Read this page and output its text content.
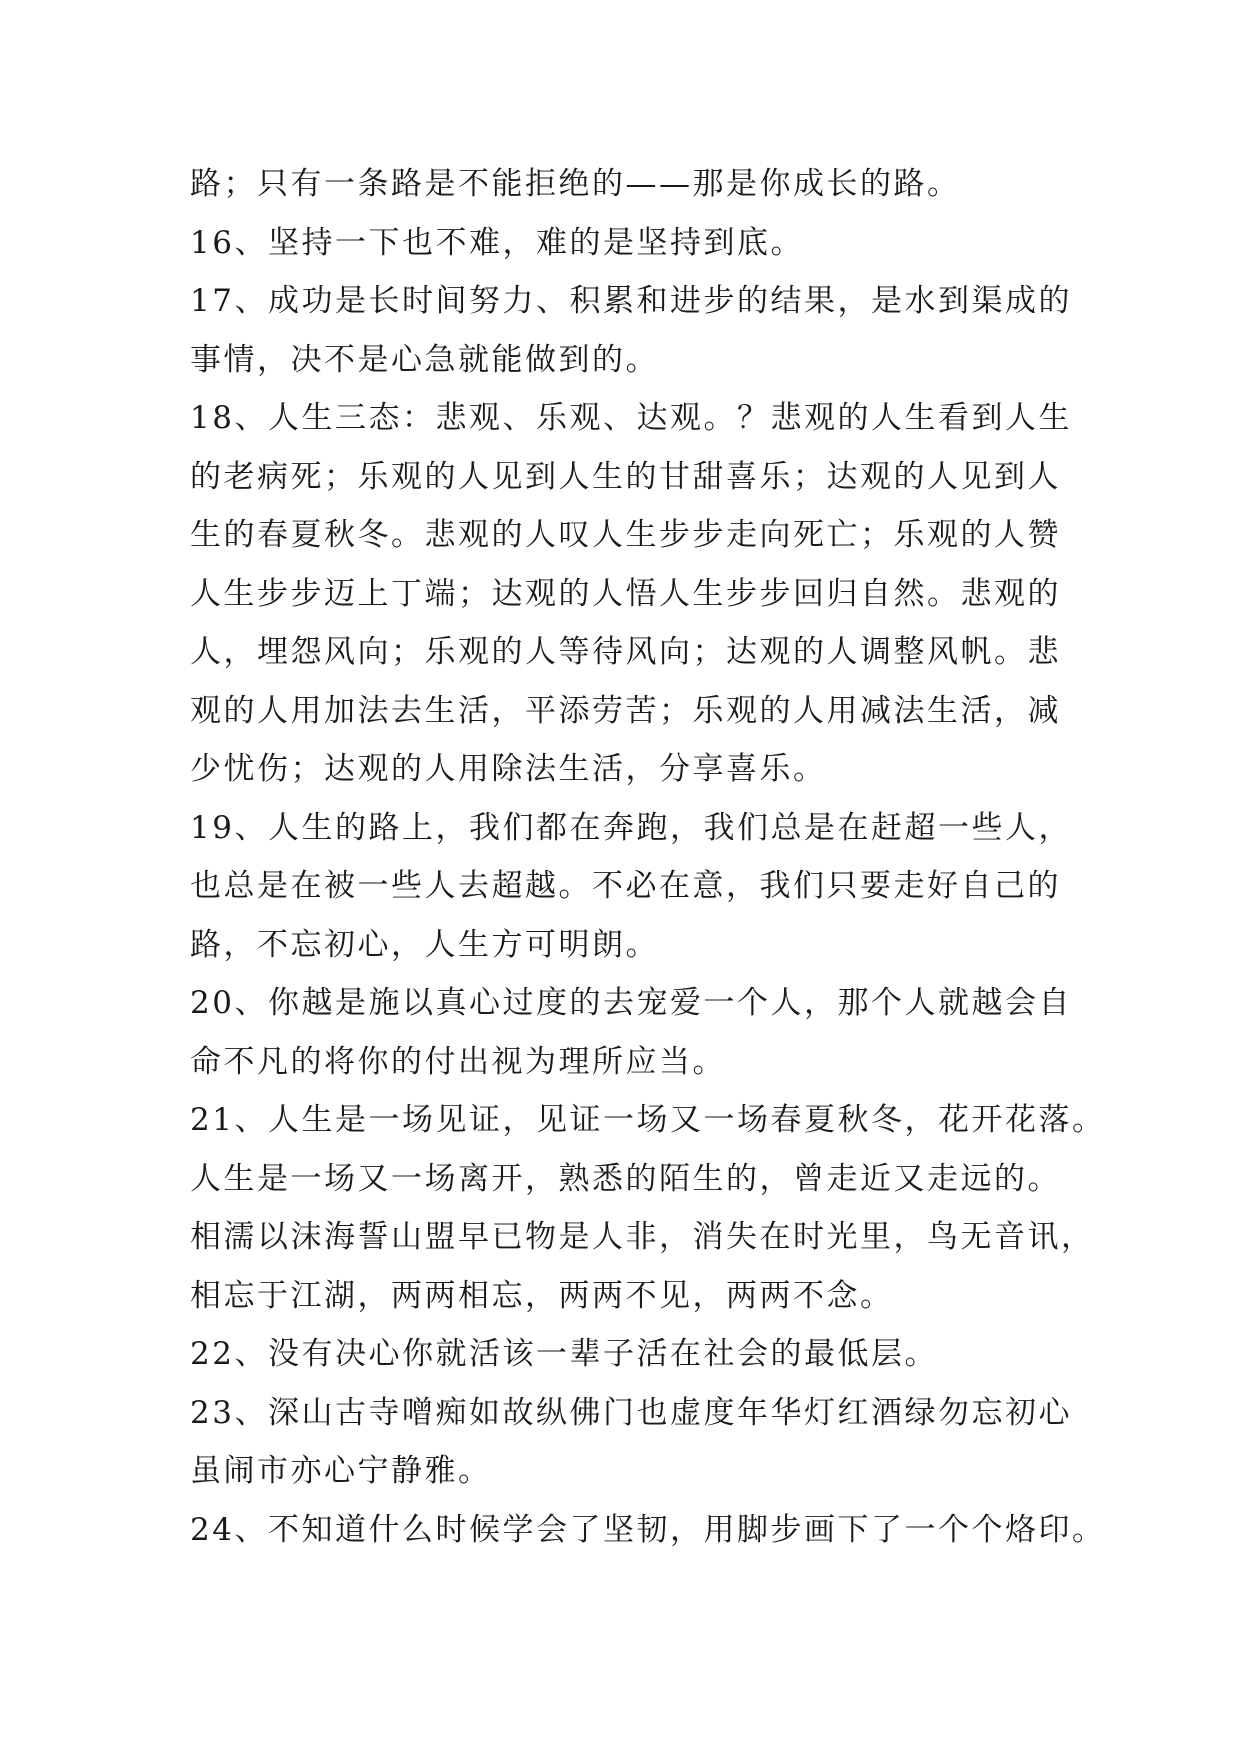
路；只有一条路是不能拒绝的——那是你成长的路。
16、坚持一下也不难，难的是坚持到底。
17、成功是长时间努力、积累和进步的结果，是水到渠成的
事情，决不是心急就能做到的。
18、人生三态：悲观、乐观、达观。？悲观的人生看到人生
的老病死；乐观的人见到人生的甘甜喜乐；达观的人见到人
生的春夏秋冬。悲观的人叹人生步步走向死亡；乐观的人赞
人生步步迈上丁端；达观的人悟人生步步回归自然。悲观的
人，埋怨风向；乐观的人等待风向；达观的人调整风帆。悲
观的人用加法去生活，平添劳苦；乐观的人用减法生活，减
少忧伤；达观的人用除法生活，分享喜乐。
19、人生的路上，我们都在奔跑，我们总是在赶超一些人，
也总是在被一些人去超越。不必在意，我们只要走好自己的
路，不忘初心，人生方可明朗。
20、你越是施以真心过度的去宠爱一个人，那个人就越会自
命不凡的将你的付出视为理所应当。
21、人生是一场见证，见证一场又一场春夏秋冬，花开花落。
人生是一场又一场离开，熟悉的陌生的，曾走近又走远的。
相濡以沫海誓山盟早已物是人非，消失在时光里，鸟无音讯，
相忘于江湖，两两相忘，两两不见，两两不念。
22、没有决心你就活该一辈子活在社会的最低层。
23、深山古寺噌痴如故纵佛门也虚度年华灯红酒绿勿忘初心
虽闹市亦心宁静雅。
24、不知道什么时候学会了坚韧，用脚步画下了一个个烙印。
